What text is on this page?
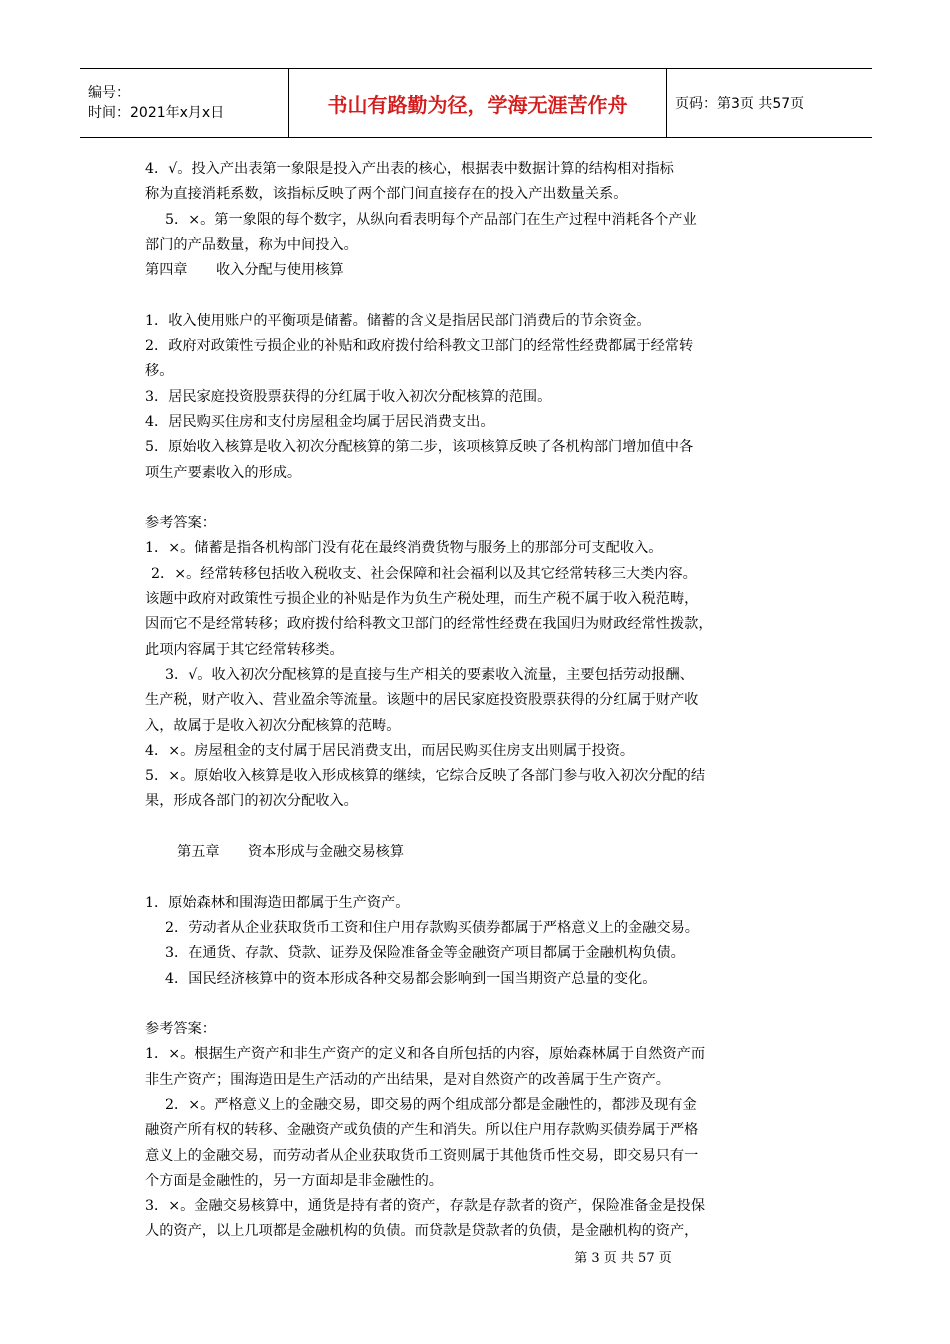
编号：
时间：2021年x月x日	书山有路勤为径，学海无涯苦作舟	页码：第3页 共57页
4．√。投入产出表第一象限是投入产出表的核心，根据表中数据计算的结构相对指标
称为直接消耗系数，该指标反映了两个部门间直接存在的投入产出数量关系。
5．×。第一象限的每个数字，从纵向看表明每个产品部门在生产过程中消耗各个产业
部门的产品数量，称为中间投入。
第四章　　收入分配与使用核算
1．收入使用账户的平衡项是储蓄。储蓄的含义是指居民部门消费后的节余资金。
2．政府对政策性亏损企业的补贴和政府拨付给科教文卫部门的经常性经费都属于经常转
移。
3．居民家庭投资股票获得的分红属于收入初次分配核算的范围。
4．居民购买住房和支付房屋租金均属于居民消费支出。
5．原始收入核算是收入初次分配核算的第二步，该项核算反映了各机构部门增加值中各
项生产要素收入的形成。
参考答案：
1．×。储蓄是指各机构部门没有花在最终消费货物与服务上的那部分可支配收入。
2．×。经常转移包括收入税收支、社会保障和社会福利以及其它经常转移三大类内容。
该题中政府对政策性亏损企业的补贴是作为负生产税处理，而生产税不属于收入税范畴，
因而它不是经常转移；政府拨付给科教文卫部门的经常性经费在我国归为财政经常性拨款，
此项内容属于其它经常转移类。
3．√。收入初次分配核算的是直接与生产相关的要素收入流量，主要包括劳动报酬、
生产税，财产收入、营业盈余等流量。该题中的居民家庭投资股票获得的分红属于财产收
入，故属于是收入初次分配核算的范畴。
4．×。房屋租金的支付属于居民消费支出，而居民购买住房支出则属于投资。
5．×。原始收入核算是收入形成核算的继续，它综合反映了各部门参与收入初次分配的结
果，形成各部门的初次分配收入。
第五章　　资本形成与金融交易核算
1．原始森林和围海造田都属于生产资产。
2．劳动者从企业获取货币工资和住户用存款购买债券都属于严格意义上的金融交易。
3．在通货、存款、贷款、证券及保险准备金等金融资产项目都属于金融机构负债。
4．国民经济核算中的资本形成各种交易都会影响到一国当期资产总量的变化。
参考答案：
1．×。根据生产资产和非生产资产的定义和各自所包括的内容，原始森林属于自然资产而
非生产资产；围海造田是生产活动的产出结果，是对自然资产的改善属于生产资产。
2．×。严格意义上的金融交易，即交易的两个组成部分都是金融性的，都涉及现有金
融资产所有权的转移、金融资产或负债的产生和消失。所以住户用存款购买债券属于严格
意义上的金融交易，而劳动者从企业获取货币工资则属于其他货币性交易，即交易只有一
个方面是金融性的，另一方面却是非金融性的。
3．×。金融交易核算中，通货是持有者的资产，存款是存款者的资产，保险准备金是投保
人的资产，以上几项都是金融机构的负债。而贷款是贷款者的负债，是金融机构的资产，
第 3 页 共 57 页
